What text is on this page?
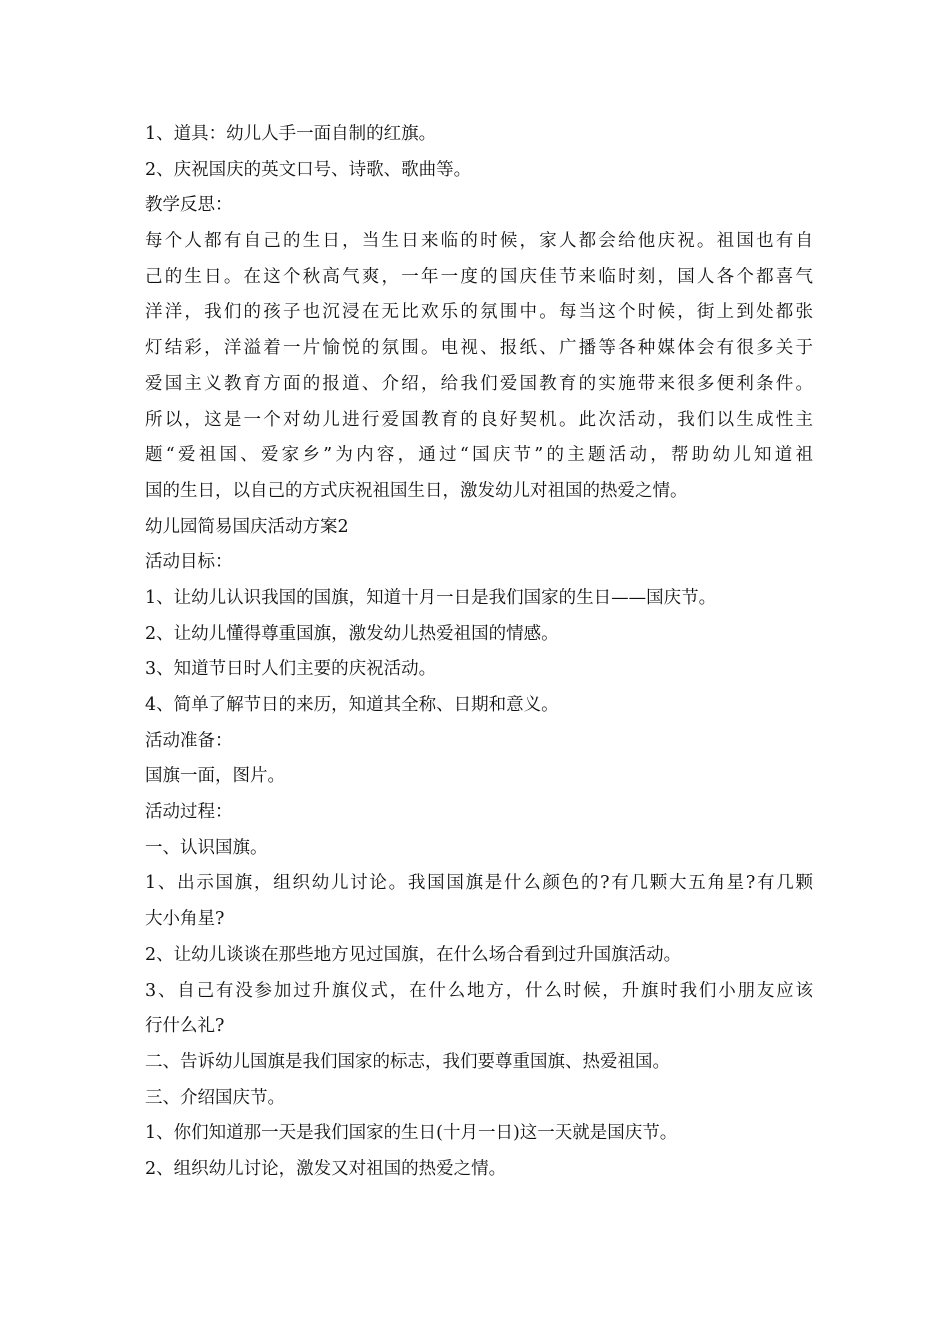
1、道具：幼儿人手一面自制的红旗。
2、庆祝国庆的英文口号、诗歌、歌曲等。
教学反思：
每个人都有自己的生日，当生日来临的时候，家人都会给他庆祝。祖国也有自
己的生日。在这个秋高气爽，一年一度的国庆佳节来临时刻，国人各个都喜气
洋洋，我们的孩子也沉浸在无比欢乐的氛围中。每当这个时候，街上到处都张
灯结彩，洋溢着一片愉悦的氛围。电视、报纸、广播等各种媒体会有很多关于
爱国主义教育方面的报道、介绍，给我们爱国教育的实施带来很多便利条件。
所以，这是一个对幼儿进行爱国教育的良好契机。此次活动，我们以生成性主
题“爱祖国、爱家乡”为内容，通过“国庆节”的主题活动，帮助幼儿知道祖
国的生日，以自己的方式庆祝祖国生日，激发幼儿对祖国的热爱之情。
幼儿园简易国庆活动方案2
活动目标：
1、让幼儿认识我国的国旗，知道十月一日是我们国家的生日——国庆节。
2、让幼儿懂得尊重国旗，激发幼儿热爱祖国的情感。
3、知道节日时人们主要的庆祝活动。
4、简单了解节日的来历，知道其全称、日期和意义。
活动准备：
国旗一面，图片。
活动过程：
一、认识国旗。
1、出示国旗，组织幼儿讨论。我国国旗是什么颜色的?有几颗大五角星?有几颗
大小角星?
2、让幼儿谈谈在那些地方见过国旗，在什么场合看到过升国旗活动。
3、自己有没参加过升旗仪式，在什么地方，什么时候，升旗时我们小朋友应该
行什么礼?
二、告诉幼儿国旗是我们国家的标志，我们要尊重国旗、热爱祖国。
三、介绍国庆节。
1、你们知道那一天是我们国家的生日(十月一日)这一天就是国庆节。
2、组织幼儿讨论，激发又对祖国的热爱之情。
